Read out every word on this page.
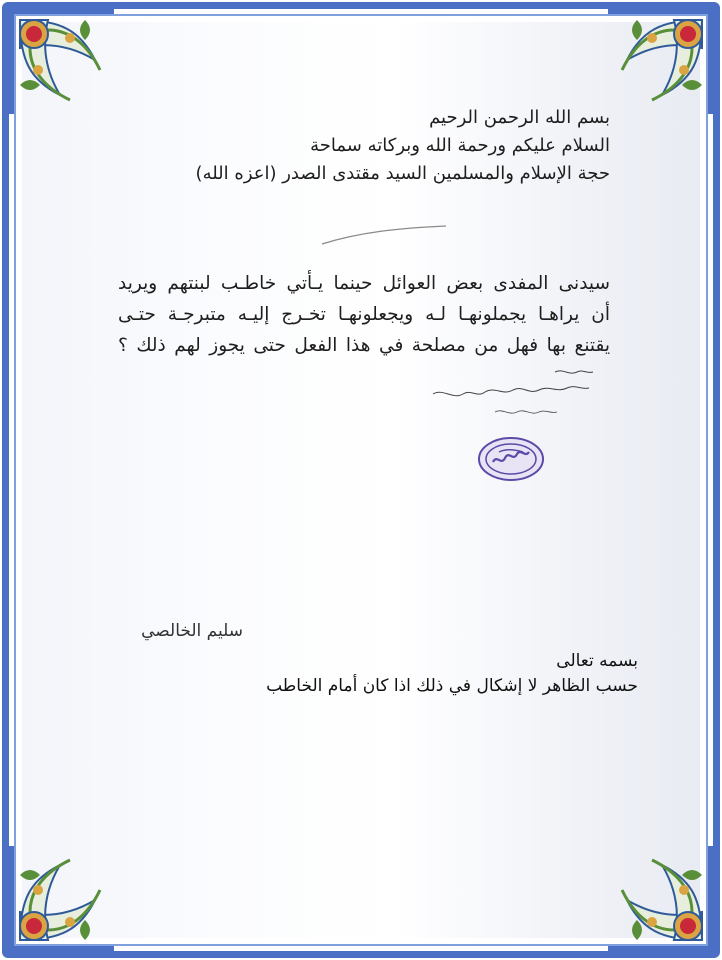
بسم الله الرحمن الرحيم
السلام عليكم ورحمة الله وبركاته سماحة
حجة الإسلام والمسلمين السيد مقتدى الصدر (اعزه الله)
سيدنى المفدى بعض العوائل حينما يـأتي خاطـب لبنتهم ويريد
أن يراهـا يجملونهـا لـه ويجعلونهـا تخـرج إليـه متبرجـة حتـى
يقتنع بها فهل من مصلحة في هذا الفعل حتى يجوز لهم ذلك ؟
سليم الخالصي
بسمه تعالى
حسب الظاهر لا إشكال في ذلك اذا كان أمام الخاطب
